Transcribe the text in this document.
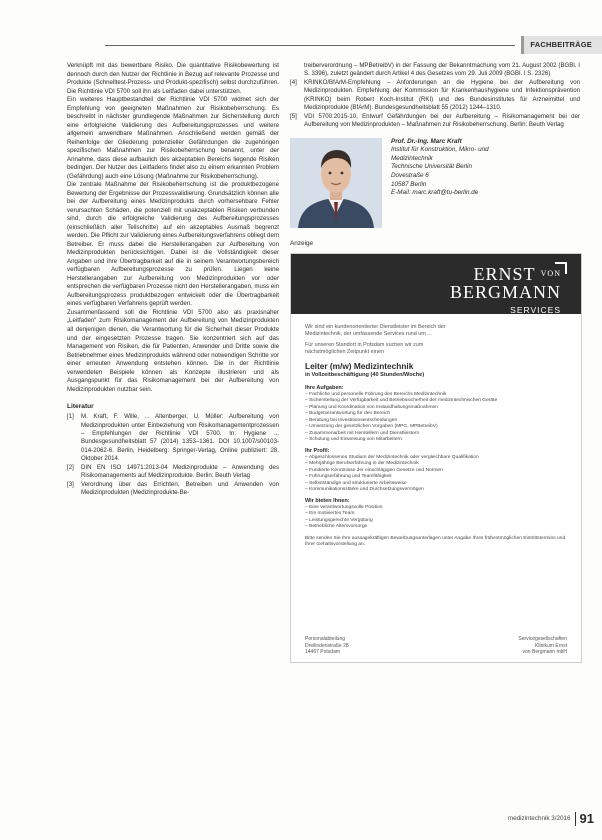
FACHBEITRÄGE

Verknüpft mit das bewertbare Risiko. Die quantitative Risikobewertung ist dennoch durch den Nutzer der Richtlinie in Bezug auf relevante Prozesse und Produkte (Schnelltest-Prozess- und Produkt-spezifisch) selbst durchzuführen. Die Richtlinie VDI 5700 soll ihn als Leitfaden dabei unterstützen.

Ein weiteres Hauptbestandteil der Richtlinie VDI 5700 widmet sich der Empfehlung von geeigneten Maßnahmen zur Risikobeherrschung. Es beschreibt in nächster grundlegende Maßnahmen zur Sicherstellung durch eine erfolgreiche Validierung des Aufbereitungsprozesses und weitere allgemein anwendbare Maßnahmen. Anschließend werden gemäß der Reihenfolge der Gliederung potenzieller Gefährdungen die zugehörigen spezifischen Maßnahmen zur Risikobeherrschung benannt, unter der Annahme, dass diese aufbaulich des akzeptablen Bereichs liegende Risiken bedingen. Der Nutzer des Leitfadens findet also zu einem erkannten Problem (Gefährdung) auch eine Lösung (Maßnahme zur Risikobeherrschung).

Die zentrale Maßnahme der Risikobeherrschung ist die produktbezogene Bewertung der Ergebnisse der Prozessvalidierung. Grundsätzlich können alle bei der Aufbereitung eines Medizinprodukts durch vorhersehbare Fehler verursachten Schäden, die potenziell mit unakzeptablen Risiken verbunden sind, durch die erfolgreiche Validierung des Aufbereitungsprozesses (einschließlich aller Teilschritte) auf ein akzeptables Ausmaß begrenzt werden. Die Pflicht zur Validierung eines Aufbereitungsverfahrens obliegt dem Betreiber. Er muss dabei die Herstellerangaben zur Aufbereitung von Medizinprodukten berücksichtigen. Dabei ist die Vollständigkeit dieser Angaben und ihre Übertragbarkeit auf die in seinem Verantwortungsbereich verfügbaren Aufbereitungsprozesse zu prüfen. Liegen keine Herstellerangaben zur Aufbereitung von Medizinprodukten vor oder entsprechen die verfügbaren Prozesse nicht den Herstellerangaben, muss ein Aufbereitungsprozess produktbezogen entwickelt oder die Übertragbarkeit eines verfügbaren Verfahrens geprüft werden.

Zusammenfassend soll die Richtlinie VDI 5700 also als praxisnaher „Leitfaden“ zum Risikomanagement der Aufbereitung von Medizinprodukten all denjenigen dienen, die Verantwortung für die Sicherheit dieser Produkte und der eingesetzten Prozesse tragen. Sie konzentriert sich auf das Management von Risiken, die für Patienten, Anwender und Dritte sowie die Betriebnehmer eines Medizinprodukts während oder notwendigen Schritte vor einer erneuten Anwendung entstehen können. Die in der Richtlinie verwendeten Beispiele können als Konzepte illustrieren und als Ausgangspunkt für das Risikomanagement bei der Aufbereitung von Medizinprodukten nutzbar sein.

Literatur
[1]	M. Kraft, F. Wille, ... Altenberger, U. Müller: Aufbereitung von Medizinprodukten unter Einbeziehung von Risikomanagementprozessen – Empfehlungen der Richtlinie VDI 5700. In: Hygiene ... Bundesgesundheitsblatt 57 (2014) 1353–1361. DOI 10.1007/s00103-014-2062-6. Berlin, Heidelberg: Springer-Verlag, Online publiziert: 28. Oktober 2014.
[2]	DIN EN ISO 14971:2013-04 Medizinprodukte – Anwendung des Risikomanagements auf Medizinprodukte. Berlin: Beuth Verlag
[3]	Verordnung über das Errichten, Betreiben und Anwenden von Medizinprodukten (Medizinprodukte-Be-
treiberverordnung – MPBetreibV) in der Fassung der Bekanntmachung vom 21. August 2002 (BGBl. I S. 3396), zuletzt geändert durch Artikel 4 des Gesetzes vom 29. Juli 2009 (BGBl. I S. 2326)
[4]	KRINKO/BfArM-Empfehlung – Anforderungen an die Hygiene bei der Aufbereitung von Medizinprodukten. Empfehlung der Kommission für Krankenhaushygiene und Infektionsprävention (KRINKO) beim Robert Koch-Institut (RKI) und des Bundesinstitutes für Arzneimittel und Medizinprodukte (BfArM). Bundesgesundheitsblatt 55 (2012) 1244–1310.
[5]	VDI 5700:2015-10, Entwurf Gefährdungen bei der Aufbereitung – Risikomanagement bei der Aufbereitung von Medizinprodukten – Maßnahmen zur Risikobeherrschung. Berlin: Beuth Verlag
Prof. Dr.-Ing. Marc Kraft
Institut für Konstruktion, Mikro- und
Medizintechnik
Technische Universität Berlin
Dovestraße 6
10587 Berlin
E-Mail: marc.kraft@tu-berlin.de
Anzeige
ERNST $^{VON}$
BERGMANN
SERVICES

Wir sind ein kundenorientierter Dienstleister im Bereich der Medizintechnik, der umfassende Services rund um ...

Für unseren Standort in Potsdam suchen wir zum nächstmöglichen Zeitpunkt einen

Leiter (m/w) Medizintechnik
in Vollzeitbeschäftigung (40 Stunden/Woche)
Ihre Aufgaben:
– Fachliche und personelle Führung des Bereichs Medizintechnik
– Sicherstellung der Verfügbarkeit und Betriebssicherheit der medizintechnischen Geräte
– Planung und Koordination von Instandhaltungsmaßnahmen
– Budgetverantwortung für den Bereich
– Beratung bei Investitionsentscheidungen
– Umsetzung der gesetzlichen Vorgaben (MPG, MPBetreibV)
– Zusammenarbeit mit Herstellern und Dienstleistern
– Schulung und Einweisung von Mitarbeitern
Ihr Profil:
– Abgeschlossenes Studium der Medizintechnik oder vergleichbare Qualifikation
– Mehrjährige Berufserfahrung in der Medizintechnik
– Fundierte Kenntnisse der einschlägigen Gesetze und Normen
– Führungserfahrung und Teamfähigkeit
– Selbstständige und strukturierte Arbeitsweise
– Kommunikationsstärke und Durchsetzungsvermögen
Wir bieten Ihnen:
– Eine verantwortungsvolle Position
– Ein motiviertes Team
– Leistungsgerechte Vergütung
– Betriebliche Altersvorsorge

Bitte senden Sie Ihre aussagekräftigen Bewerbungsunterlagen unter Angabe Ihres frühestmöglichen Eintrittstermins und Ihrer Gehaltsvorstellung an:

Personalabteilung
Dreilindenstraße 28
14467 Potsdam
Servicegesellschaften
Klinikum Ernst
von Bergmann mbH
medizintechnik 3/2016 91
